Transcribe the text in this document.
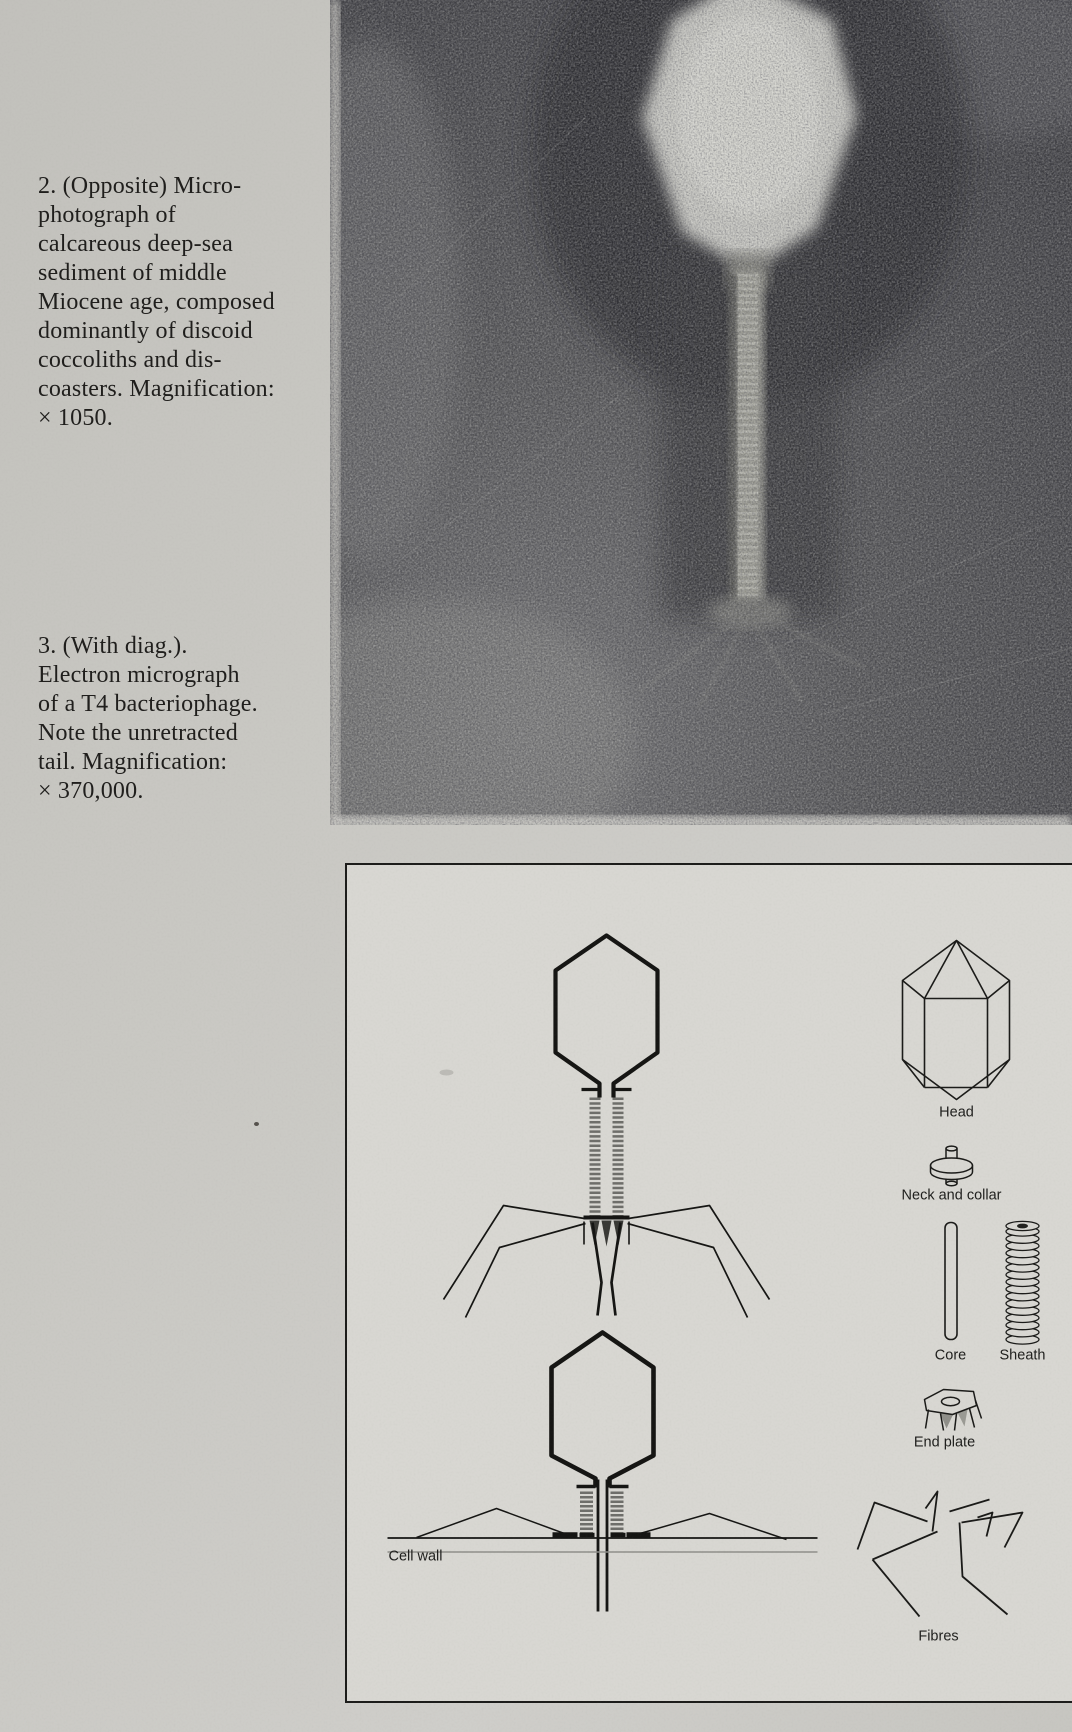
2. (Opposite) Micro-
photograph of
calcareous deep-sea
sediment of middle
Miocene age, composed
dominantly of discoid
coccoliths and dis-
coasters. Magnification:
× 1050.
3. (With diag.).
Electron micrograph
of a T4 bacteriophage.
Note the unretracted
tail. Magnification:
× 370,000.
Cell wall
Head
Neck and collar
Core Sheath
End plate
Fibres
